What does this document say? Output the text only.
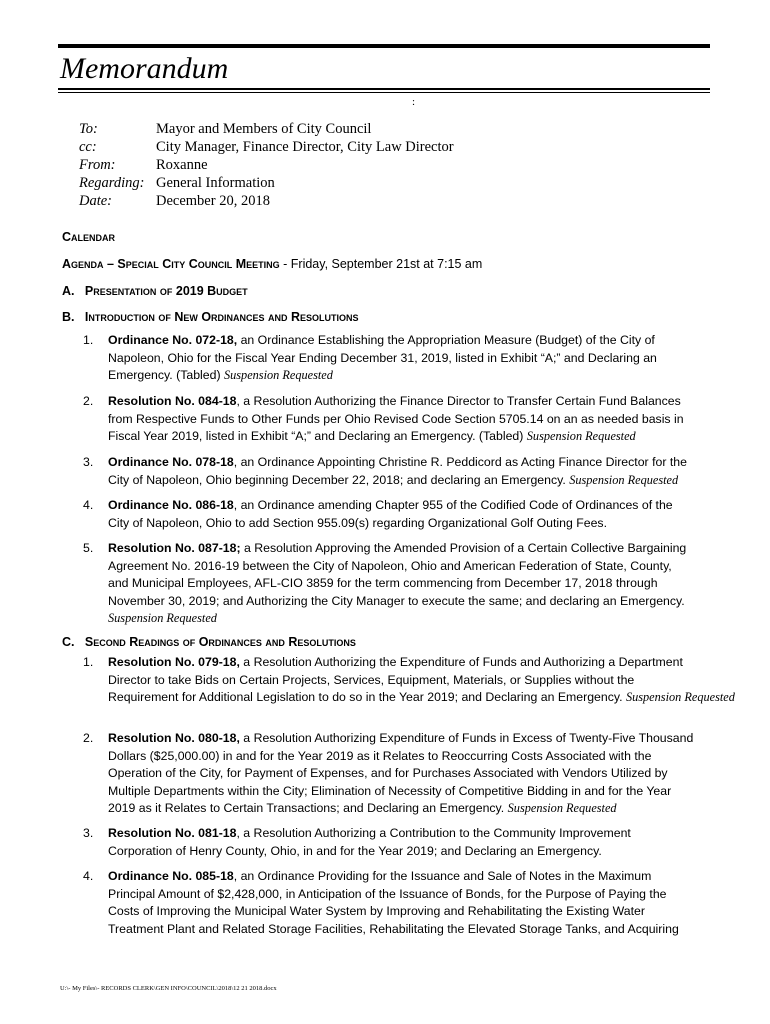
Memorandum
:
To:	Mayor and Members of City Council
cc:	City Manager, Finance Director, City Law Director
From:	Roxanne
Regarding: General Information
Date:	December 20, 2018
Calendar
Agenda – Special City Council Meeting - Friday, September 21st at 7:15 am
A. Presentation of 2019 Budget
B. Introduction of New Ordinances and Resolutions
1. Ordinance No. 072-18, an Ordinance Establishing the Appropriation Measure (Budget) of the City of
Napoleon, Ohio for the Fiscal Year Ending December 31, 2019, listed in Exhibit “A;” and Declaring an
Emergency. (Tabled) Suspension Requested
2. Resolution No. 084-18, a Resolution Authorizing the Finance Director to Transfer Certain Fund Balances
from Respective Funds to Other Funds per Ohio Revised Code Section 5705.14 on an as needed basis in
Fiscal Year 2019, listed in Exhibit “A;” and Declaring an Emergency. (Tabled) Suspension Requested
3. Ordinance No. 078-18, an Ordinance Appointing Christine R. Peddicord as Acting Finance Director for the
City of Napoleon, Ohio beginning December 22, 2018; and declaring an Emergency. Suspension Requested
4. Ordinance No. 086-18, an Ordinance amending Chapter 955 of the Codified Code of Ordinances of the
City of Napoleon, Ohio to add Section 955.09(s) regarding Organizational Golf Outing Fees.
5. Resolution No. 087-18; a Resolution Approving the Amended Provision of a Certain Collective Bargaining
Agreement No. 2016-19 between the City of Napoleon, Ohio and American Federation of State, County,
and Municipal Employees, AFL-CIO 3859 for the term commencing from December 17, 2018 through
November 30, 2019; and Authorizing the City Manager to execute the same; and declaring an Emergency.
Suspension Requested
C. Second Readings of Ordinances and Resolutions
1. Resolution No. 079-18, a Resolution Authorizing the Expenditure of Funds and Authorizing a Department
Director to take Bids on Certain Projects, Services, Equipment, Materials, or Supplies without the
Requirement for Additional Legislation to do so in the Year 2019; and Declaring an Emergency. Suspension Requested
2. Resolution No. 080-18, a Resolution Authorizing Expenditure of Funds in Excess of Twenty-Five Thousand
Dollars ($25,000.00) in and for the Year 2019 as it Relates to Reoccurring Costs Associated with the
Operation of the City, for Payment of Expenses, and for Purchases Associated with Vendors Utilized by
Multiple Departments within the City; Elimination of Necessity of Competitive Bidding in and for the Year
2019 as it Relates to Certain Transactions; and Declaring an Emergency. Suspension Requested
3. Resolution No. 081-18, a Resolution Authorizing a Contribution to the Community Improvement
Corporation of Henry County, Ohio, in and for the Year 2019; and Declaring an Emergency.
4. Ordinance No. 085-18, an Ordinance Providing for the Issuance and Sale of Notes in the Maximum
Principal Amount of $2,428,000, in Anticipation of the Issuance of Bonds, for the Purpose of Paying the
Costs of Improving the Municipal Water System by Improving and Rehabilitating the Existing Water
Treatment Plant and Related Storage Facilities, Rehabilitating the Elevated Storage Tanks, and Acquiring
U:\- My Files\- RECORDS CLERK\GEN INFO\COUNCIL\2018\12 21 2018.docx
